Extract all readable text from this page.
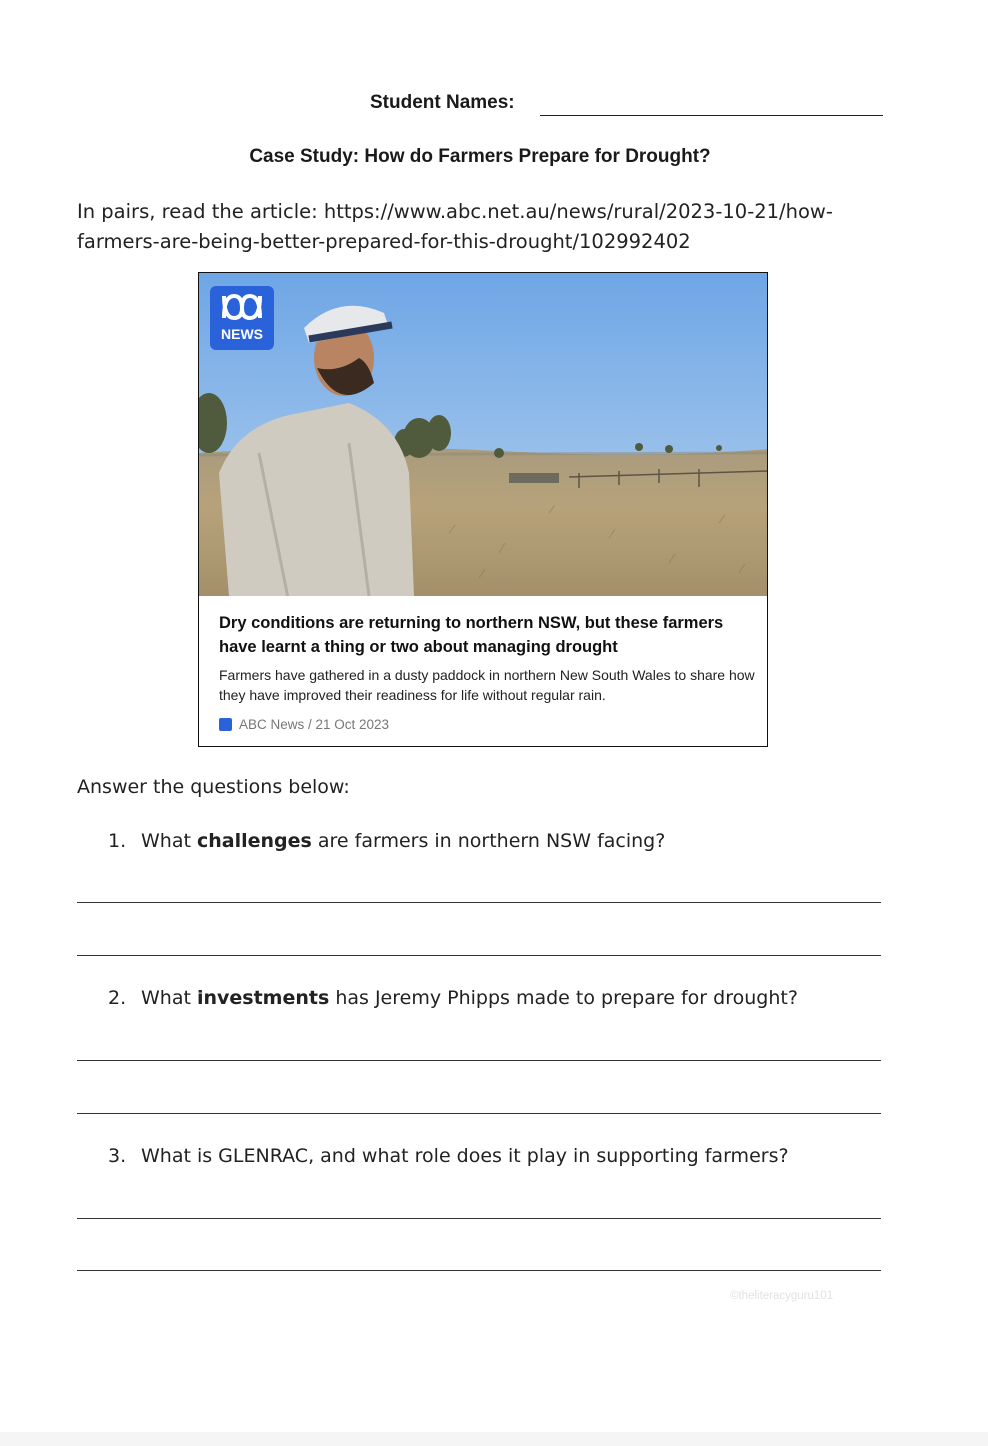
Student Names:
Case Study: How do Farmers Prepare for Drought?
In pairs, read the article: https://www.abc.net.au/news/rural/2023-10-21/how-farmers-are-being-better-prepared-for-this-drought/102992402
NEWS
Dry conditions are returning to northern NSW, but these farmers have learnt a thing or two about managing drought
Farmers have gathered in a dusty paddock in northern New South Wales to share how they have improved their readiness for life without regular rain.
ABC News / 21 Oct 2023
Answer the questions below:
1. What challenges are farmers in northern NSW facing?
2. What investments has Jeremy Phipps made to prepare for drought?
3. What is GLENRAC, and what role does it play in supporting farmers?
©theliteracyguru101
